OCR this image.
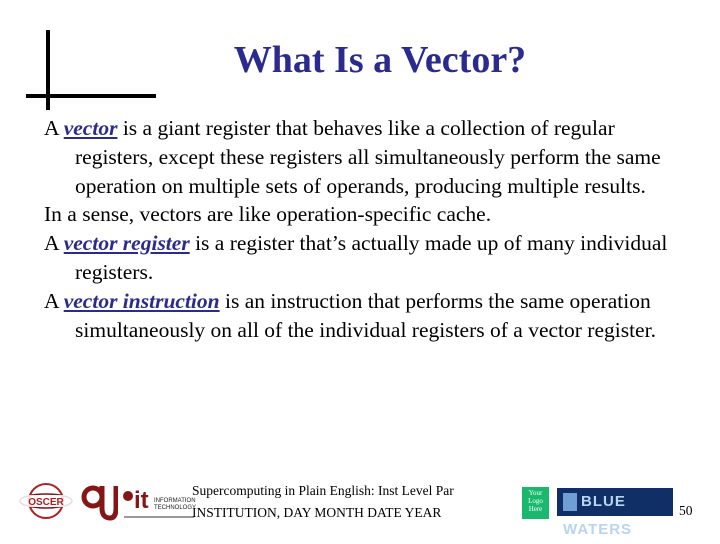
What Is a Vector?

A vector is a giant register that behaves like a collection of regular registers, except these registers all simultaneously perform the same operation on multiple sets of operands, producing multiple results.

In a sense, vectors are like operation-specific cache.

A vector register is a register that’s actually made up of many individual registers.

A vector instruction is an instruction that performs the same operation simultaneously on all of the individual registers of a vector register.

OSCER
OU
it INFORMATION
TECHNOLOGY
Supercomputing in Plain English: Inst Level Par
INSTITUTION, DAY MONTH DATE YEAR
Your Logo Here	BLUE WATERS
50
